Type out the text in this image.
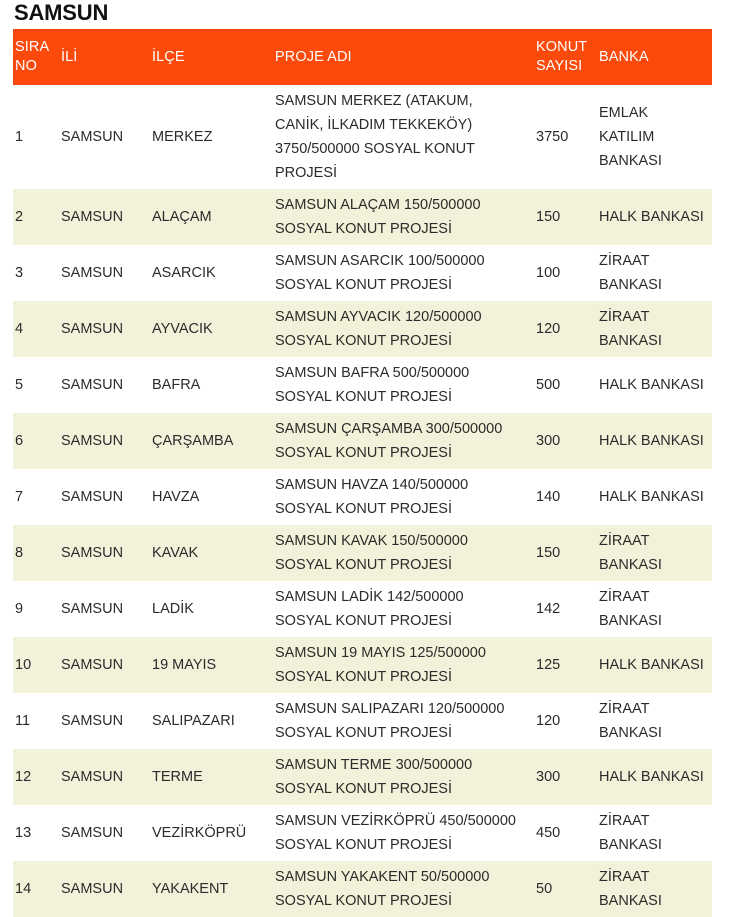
SAMSUN
SIRA NO	İLİ	İLÇE	PROJE ADI	KONUT SAYISI	BANKA
1	SAMSUN	MERKEZ	SAMSUN MERKEZ (ATAKUM, CANİK, İLKADIM TEKKEKÖY) 3750/500000 SOSYAL KONUT PROJESİ	3750	EMLAK KATILIM BANKASI
2	SAMSUN	ALAÇAM	SAMSUN ALAÇAM 150/500000 SOSYAL KONUT PROJESİ	150	HALK BANKASI
3	SAMSUN	ASARCIK	SAMSUN ASARCIK 100/500000 SOSYAL KONUT PROJESİ	100	ZİRAAT BANKASI
4	SAMSUN	AYVACIK	SAMSUN AYVACIK 120/500000 SOSYAL KONUT PROJESİ	120	ZİRAAT BANKASI
5	SAMSUN	BAFRA	SAMSUN BAFRA 500/500000 SOSYAL KONUT PROJESİ	500	HALK BANKASI
6	SAMSUN	ÇARŞAMBA	SAMSUN ÇARŞAMBA 300/500000 SOSYAL KONUT PROJESİ	300	HALK BANKASI
7	SAMSUN	HAVZA	SAMSUN HAVZA 140/500000 SOSYAL KONUT PROJESİ	140	HALK BANKASI
8	SAMSUN	KAVAK	SAMSUN KAVAK 150/500000 SOSYAL KONUT PROJESİ	150	ZİRAAT BANKASI
9	SAMSUN	LADİK	SAMSUN LADİK 142/500000 SOSYAL KONUT PROJESİ	142	ZİRAAT BANKASI
10	SAMSUN	19 MAYIS	SAMSUN 19 MAYIS 125/500000 SOSYAL KONUT PROJESİ	125	HALK BANKASI
11	SAMSUN	SALIPAZARI	SAMSUN SALIPAZARI 120/500000 SOSYAL KONUT PROJESİ	120	ZİRAAT BANKASI
12	SAMSUN	TERME	SAMSUN TERME 300/500000 SOSYAL KONUT PROJESİ	300	HALK BANKASI
13	SAMSUN	VEZİRKÖPRÜ	SAMSUN VEZİRKÖPRÜ 450/500000 SOSYAL KONUT PROJESİ	450	ZİRAAT BANKASI
14	SAMSUN	YAKAKENT	SAMSUN YAKAKENT 50/500000 SOSYAL KONUT PROJESİ	50	ZİRAAT BANKASI
